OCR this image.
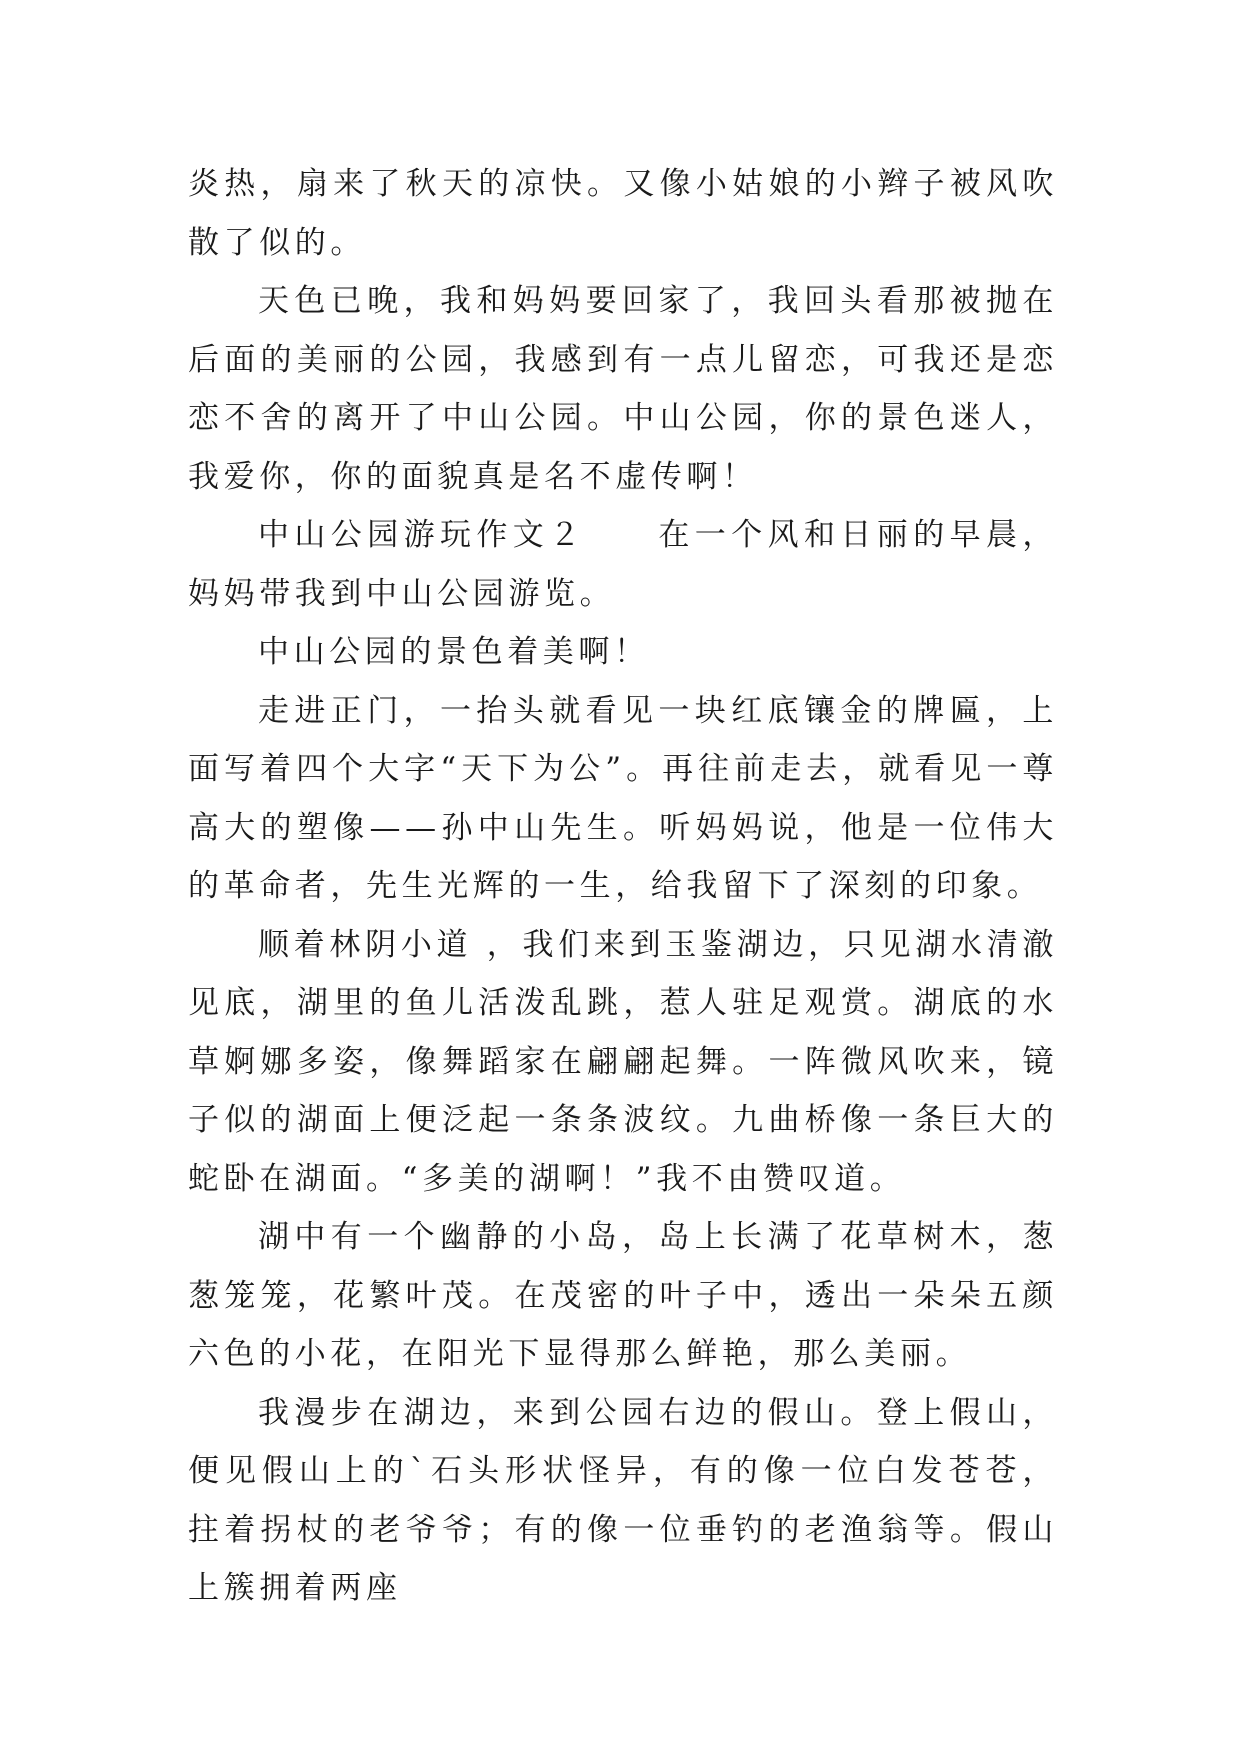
炎热，扇来了秋天的凉快。又像小姑娘的小辫子被风吹散了似的。

天色已晚，我和妈妈要回家了，我回头看那被抛在后面的美丽的公园，我感到有一点儿留恋，可我还是恋恋不舍的离开了中山公园。中山公园，你的景色迷人，我爱你，你的面貌真是名不虚传啊！

中山公园游玩作文２　　在一个风和日丽的早晨，妈妈带我到中山公园游览。

中山公园的景色着美啊！

走进正门，一抬头就看见一块红底镶金的牌匾，上面写着四个大字“天下为公”。再往前走去，就看见一尊高大的塑像——孙中山先生。听妈妈说，他是一位伟大的革命者，先生光辉的一生，给我留下了深刻的印象。

顺着林阴小道 ，我们来到玉鉴湖边，只见湖水清澈见底，湖里的鱼儿活泼乱跳，惹人驻足观赏。湖底的水草婀娜多姿，像舞蹈家在翩翩起舞。一阵微风吹来，镜子似的湖面上便泛起一条条波纹。九曲桥像一条巨大的蛇卧在湖面。“多美的湖啊！”我不由赞叹道。

湖中有一个幽静的小岛，岛上长满了花草树木，葱葱笼笼，花繁叶茂。在茂密的叶子中，透出一朵朵五颜六色的小花，在阳光下显得那么鲜艳，那么美丽。

我漫步在湖边，来到公园右边的假山。登上假山，便见假山上的`石头形状怪异，有的像一位白发苍苍，拄着拐杖的老爷爷；有的像一位垂钓的老渔翁等。假山上簇拥着两座
